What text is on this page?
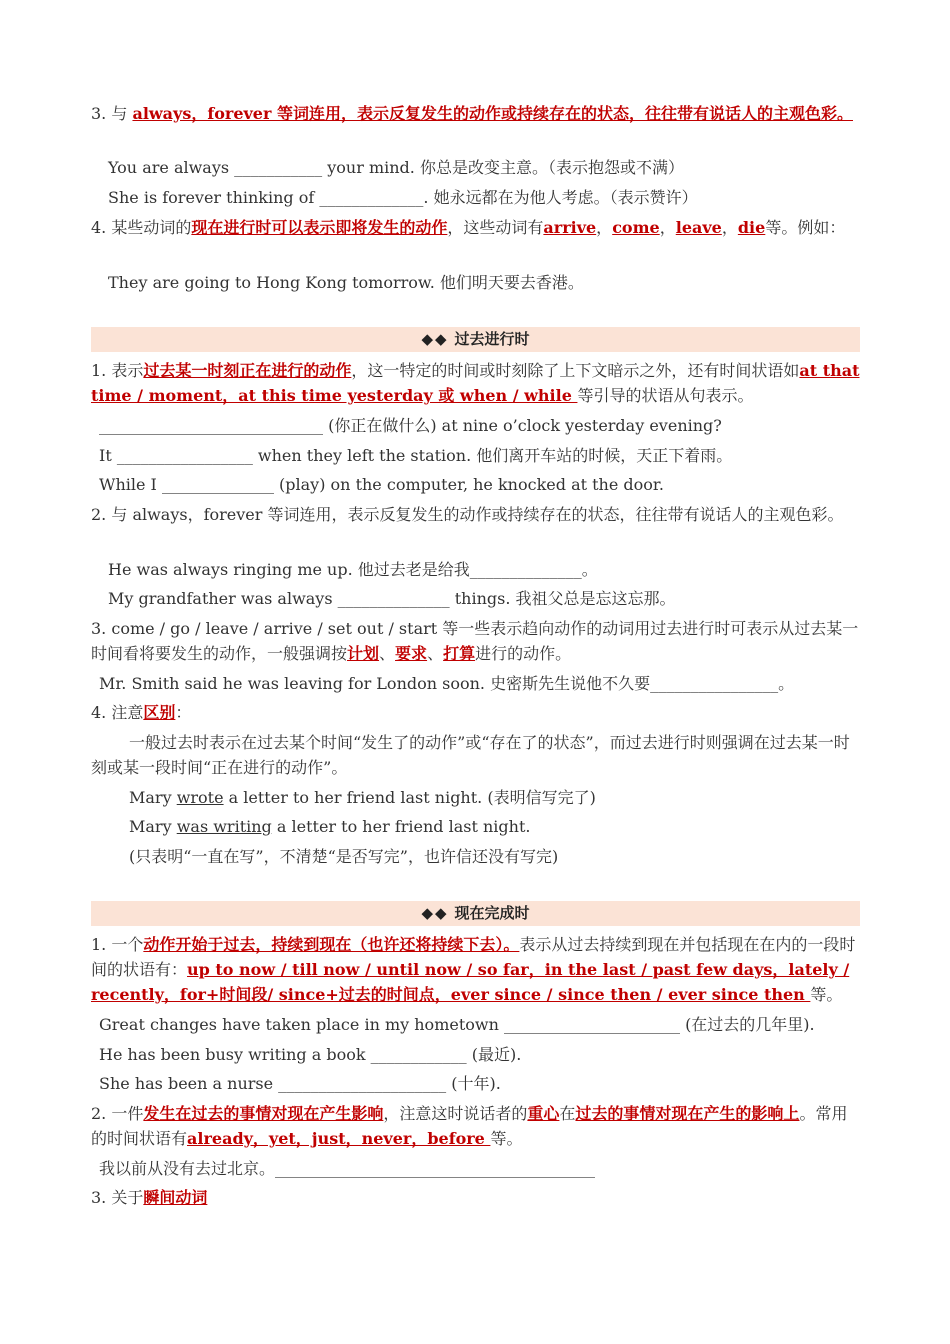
3. 与 always，forever 等词连用，表示反复发生的动作或持续存在的状态，往往带有说话人的主观色彩。
You are always ___________ your mind. 你总是改变主意。（表示抱怨或不满）
She is forever thinking of _____________. 她永远都在为他人考虑。（表示赞许）
4. 某些动词的现在进行时可以表示即将发生的动作，这些动词有arrive，come，leave，die等。例如：
They are going to Hong Kong tomorrow. 他们明天要去香港。
◆◆ 过去进行时
1. 表示过去某一时刻正在进行的动作，这一特定的时间或时刻除了上下文暗示之外，还有时间状语如at that time / moment，at this time yesterday 或 when / while 等引导的状语从句表示。
____________________________ (你正在做什么) at nine o’clock yesterday evening?
It _________________ when they left the station. 他们离开车站的时候，天正下着雨。
While I ______________ (play) on the computer, he knocked at the door.
2. 与 always，forever 等词连用，表示反复发生的动作或持续存在的状态，往往带有说话人的主观色彩。
He was always ringing me up. 他过去老是给我______________。
My grandfather was always ______________ things. 我祖父总是忘这忘那。
3. come / go / leave / arrive / set out / start 等一些表示趋向动作的动词用过去进行时可表示从过去某一时间看将要发生的动作，一般强调按计划、要求、打算进行的动作。
Mr. Smith said he was leaving for London soon. 史密斯先生说他不久要________________。
4. 注意区别：
一般过去时表示在过去某个时间“发生了的动作”或“存在了的状态”，而过去进行时则强调在过去某一时刻或某一段时间“正在进行的动作”。
Mary wrote a letter to her friend last night. (表明信写完了)
Mary was writing a letter to her friend last night.
(只表明“一直在写”，不清楚“是否写完”，也许信还没有写完)
◆◆ 现在完成时
1. 一个动作开始于过去，持续到现在（也许还将持续下去）。表示从过去持续到现在并包括现在在内的一段时间的状语有：up to now / till now / until now / so far，in the last / past few days，lately / recently，for+时间段/ since+过去的时间点，ever since / since then / ever since then 等。
Great changes have taken place in my hometown ______________________ (在过去的几年里).
He has been busy writing a book ____________ (最近).
She has been a nurse _____________________ (十年).
2. 一件发生在过去的事情对现在产生影响，注意这时说话者的重心在过去的事情对现在产生的影响上。常用的时间状语有already，yet，just，never，before 等。
我以前从没有去过北京。________________________________________
3. 关于瞬间动词
